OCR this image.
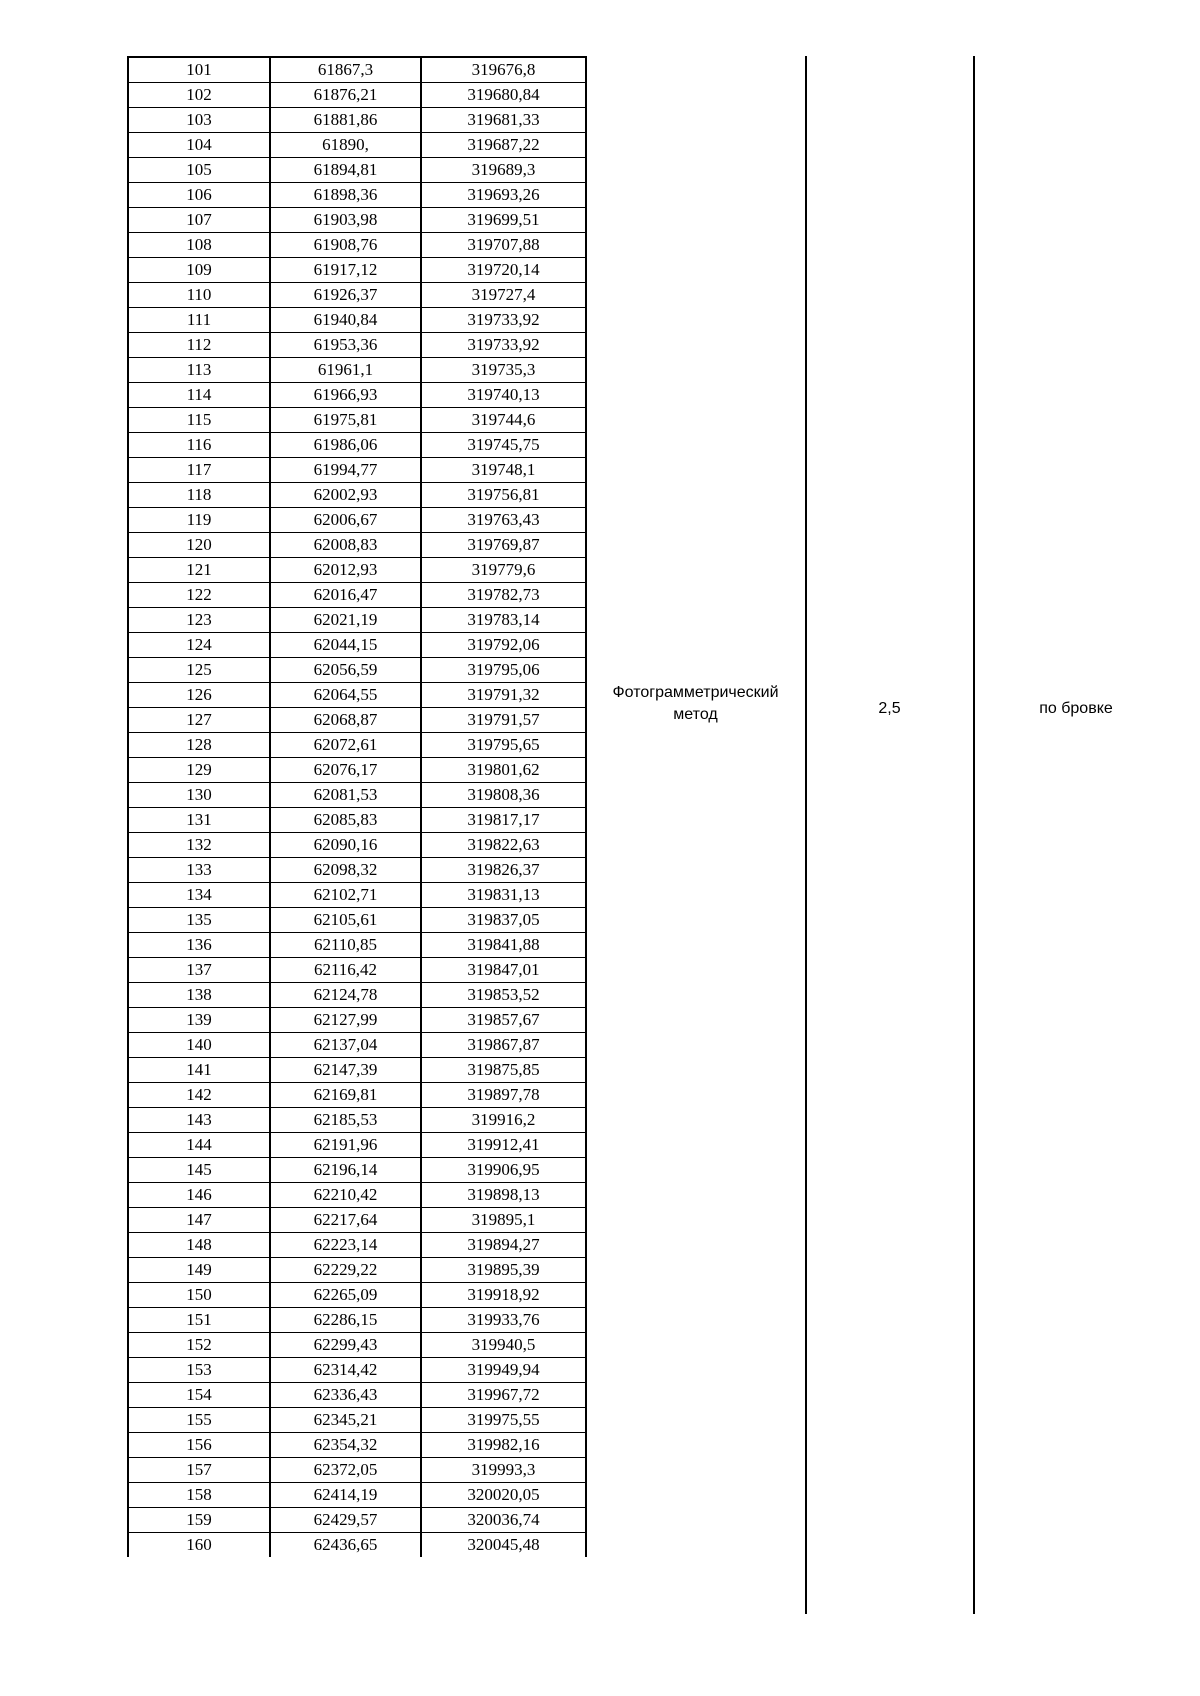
101	61867,3	319676,8
102	61876,21	319680,84
103	61881,86	319681,33
104	61890,	319687,22
105	61894,81	319689,3
106	61898,36	319693,26
107	61903,98	319699,51
108	61908,76	319707,88
109	61917,12	319720,14
110	61926,37	319727,4
111	61940,84	319733,92
112	61953,36	319733,92
113	61961,1	319735,3
114	61966,93	319740,13
115	61975,81	319744,6
116	61986,06	319745,75
117	61994,77	319748,1
118	62002,93	319756,81
119	62006,67	319763,43
120	62008,83	319769,87
121	62012,93	319779,6
122	62016,47	319782,73
123	62021,19	319783,14
124	62044,15	319792,06
125	62056,59	319795,06
126	62064,55	319791,32
127	62068,87	319791,57
128	62072,61	319795,65
129	62076,17	319801,62
130	62081,53	319808,36
131	62085,83	319817,17
132	62090,16	319822,63
133	62098,32	319826,37
134	62102,71	319831,13
135	62105,61	319837,05
136	62110,85	319841,88
137	62116,42	319847,01
138	62124,78	319853,52
139	62127,99	319857,67
140	62137,04	319867,87
141	62147,39	319875,85
142	62169,81	319897,78
143	62185,53	319916,2
144	62191,96	319912,41
145	62196,14	319906,95
146	62210,42	319898,13
147	62217,64	319895,1
148	62223,14	319894,27
149	62229,22	319895,39
150	62265,09	319918,92
151	62286,15	319933,76
152	62299,43	319940,5
153	62314,42	319949,94
154	62336,43	319967,72
155	62345,21	319975,55
156	62354,32	319982,16
157	62372,05	319993,3
158	62414,19	320020,05
159	62429,57	320036,74
160	62436,65	320045,48
Фотограмметрический
метод	2,5	по бровке
